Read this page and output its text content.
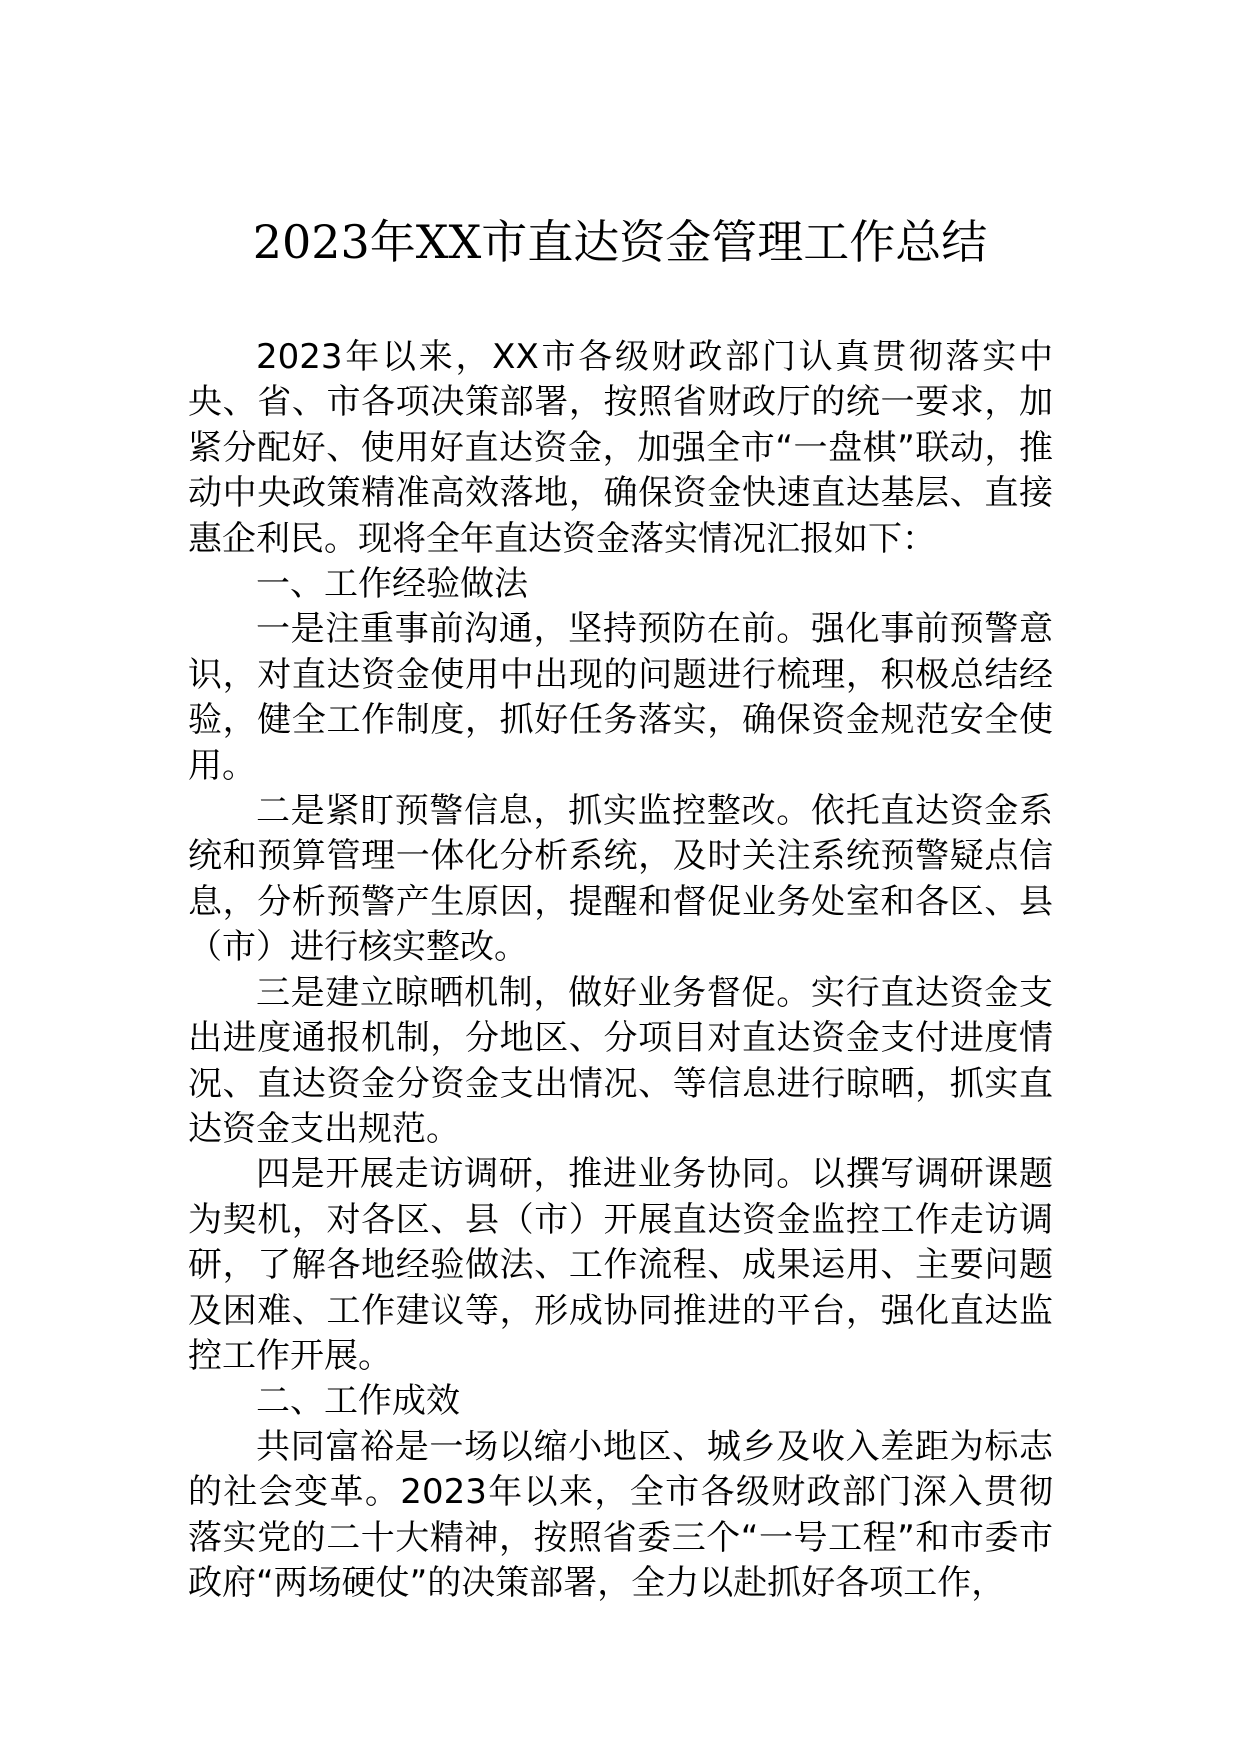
2023年XX市直达资金管理工作总结

2023年以来，XX市各级财政部门认真贯彻落实中央、省、市各项决策部署，按照省财政厅的统一要求，加紧分配好、使用好直达资金，加强全市“一盘棋”联动，推动中央政策精准高效落地，确保资金快速直达基层、直接惠企利民。现将全年直达资金落实情况汇报如下：

一、工作经验做法

一是注重事前沟通，坚持预防在前。强化事前预警意识，对直达资金使用中出现的问题进行梳理，积极总结经验，健全工作制度，抓好任务落实，确保资金规范安全使用。

二是紧盯预警信息，抓实监控整改。依托直达资金系统和预算管理一体化分析系统，及时关注系统预警疑点信息，分析预警产生原因，提醒和督促业务处室和各区、县（市）进行核实整改。

三是建立晾晒机制，做好业务督促。实行直达资金支出进度通报机制，分地区、分项目对直达资金支付进度情况、直达资金分资金支出情况、等信息进行晾晒，抓实直达资金支出规范。

四是开展走访调研，推进业务协同。以撰写调研课题为契机，对各区、县（市）开展直达资金监控工作走访调研，了解各地经验做法、工作流程、成果运用、主要问题及困难、工作建议等，形成协同推进的平台，强化直达监控工作开展。

二、工作成效

共同富裕是一场以缩小地区、城乡及收入差距为标志的社会变革。2023年以来，全市各级财政部门深入贯彻落实党的二十大精神，按照省委三个“一号工程”和市委市政府“两场硬仗”的决策部署，全力以赴抓好各项工作，
